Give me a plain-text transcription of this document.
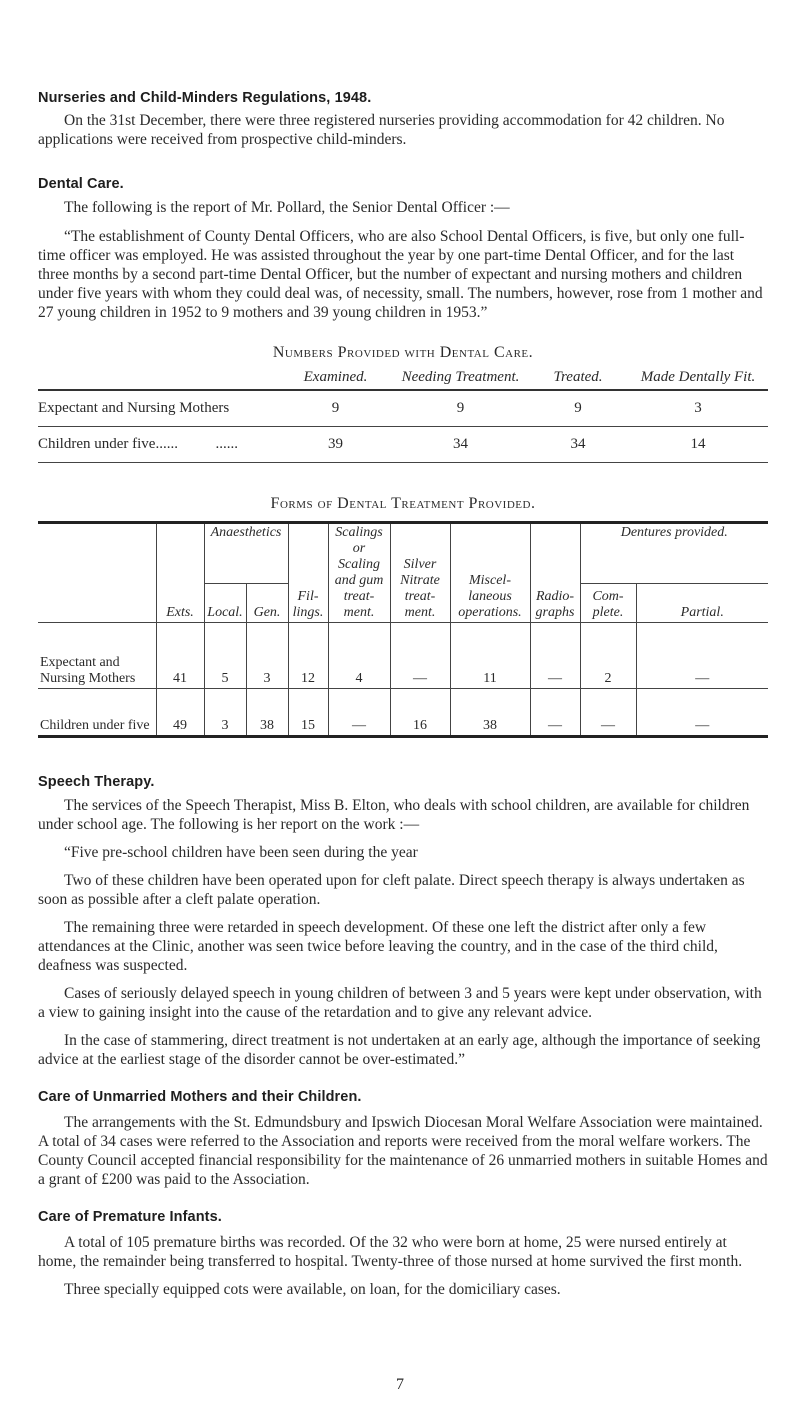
Nurseries and Child-Minders Regulations, 1948.

On the 31st December, there were three registered nurseries providing accommodation for 42 children. No applications were received from prospective child-minders.

Dental Care.

The following is the report of Mr. Pollard, the Senior Dental Officer :—

“The establishment of County Dental Officers, who are also School Dental Officers, is five, but only one full-time officer was employed. He was assisted throughout the year by one part-time Dental Officer, and for the last three months by a second part-time Dental Officer, but the number of expectant and nursing mothers and children under five years with whom they could deal was, of necessity, small. The numbers, however, rose from 1 mother and 27 young children in 1952 to 9 mothers and 39 young children in 1953.”

Numbers Provided with Dental Care.
	Examined.	Needing Treatment.	Treated.	Made Dentally Fit.
Expectant and Nursing Mothers	9	9	9	3
Children under five......          ......	39	34	34	14
Forms of Dental Treatment Provided.
	Exts.	Anaesthetics		Fil- lings.	Scalings or Scaling and gum treat- ment.	Silver Nitrate treat- ment.	Miscel- laneous operations.	Radio- graphs	Dentures provided.	
		Local.	Gen.						Com- plete.	Partial.
Expectant and Nursing Mothers	41	5	3	12	4	—	11	—	2	—
Children under five	49	3	38	15	—	16	38	—	—	—
Speech Therapy.

The services of the Speech Therapist, Miss B. Elton, who deals with school children, are available for children under school age. The following is her report on the work :—

“Five pre-school children have been seen during the year

Two of these children have been operated upon for cleft palate. Direct speech therapy is always undertaken as soon as possible after a cleft palate operation.

The remaining three were retarded in speech development. Of these one left the district after only a few attendances at the Clinic, another was seen twice before leaving the country, and in the case of the third child, deafness was suspected.

Cases of seriously delayed speech in young children of between 3 and 5 years were kept under observation, with a view to gaining insight into the cause of the retardation and to give any relevant advice.

In the case of stammering, direct treatment is not undertaken at an early age, although the importance of seeking advice at the earliest stage of the disorder cannot be over-estimated.”

Care of Unmarried Mothers and their Children.

The arrangements with the St. Edmundsbury and Ipswich Diocesan Moral Welfare Association were maintained. A total of 34 cases were referred to the Association and reports were received from the moral welfare workers. The County Council accepted financial responsibility for the maintenance of 26 unmarried mothers in suitable Homes and a grant of £200 was paid to the Association.

Care of Premature Infants.

A total of 105 premature births was recorded. Of the 32 who were born at home, 25 were nursed entirely at home, the remainder being transferred to hospital. Twenty-three of those nursed at home survived the first month.

Three specially equipped cots were available, on loan, for the domiciliary cases.

7
